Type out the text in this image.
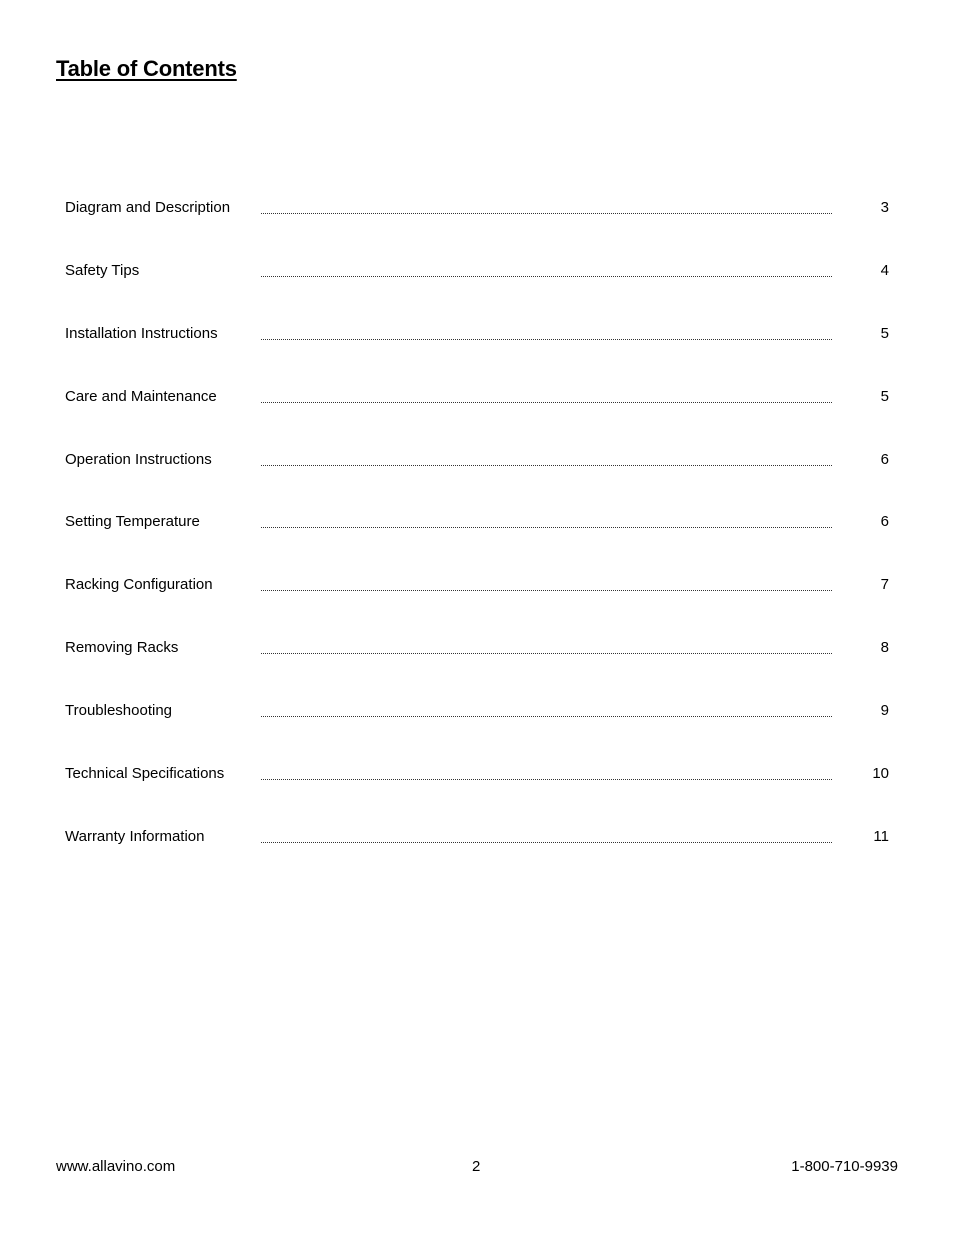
Table of Contents
Diagram and Description	3
Safety Tips	4
Installation Instructions	5
Care and Maintenance	5
Operation Instructions	6
Setting Temperature	6
Racking Configuration	7
Removing Racks	8
Troubleshooting	9
Technical Specifications	10
Warranty Information	11
www.allavino.com	2	1-800-710-9939
